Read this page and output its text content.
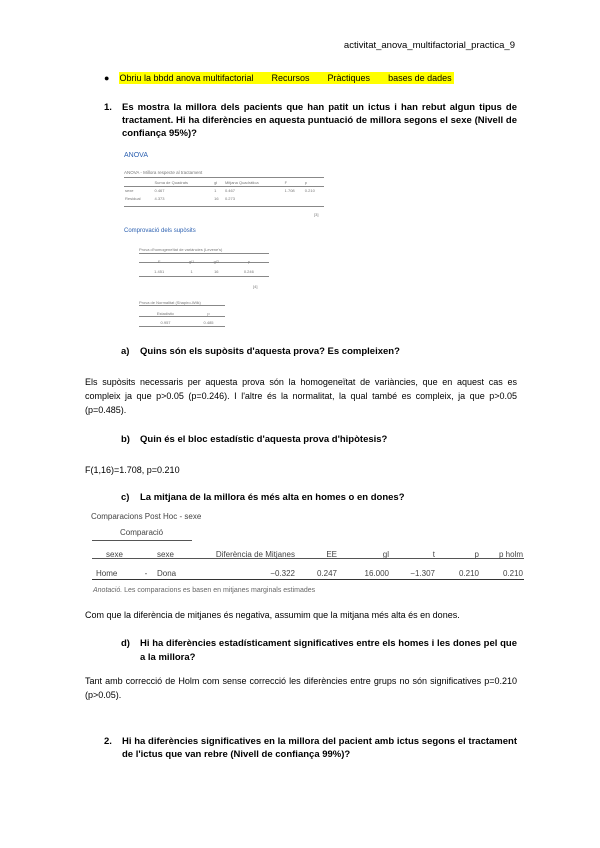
activitat_anova_multifactorial_practica_9
● Obriu la bbdd anova multifactorial Recursos Pràctiques bases de dades
1. Es mostra la millora dels pacients que han patit un ictus i han rebut algun tipus de tractament. Hi ha diferències en aquesta puntuació de millora segons el sexe (Nivell de confiança 95%)?
ANOVA
ANOVA - Millora respecte al tractament
	Suma de Quadrats	gl	Mitjana Quadràtica	F	p
sexe	0.467	1	0.467	1.708	0.210
Residual	4.373	16	0.273		
[3]
Comprovació dels supòsits
Prova d'homogeneïtat de variàncies (Levene's)
F	gl1	gl2	p
1.451	1	16	0.246
[4]
Prova de Normalitat (Shapiro-Wilk)
Estadístic	p
0.957	0.485
a) Quins són els supòsits d'aquesta prova? Es compleixen?
Els supòsits necessaris per aquesta prova són la homogeneïtat de variàncies, que en aquest cas es compleix ja que p>0.05 (p=0.246). I l'altre és la normalitat, la qual també es compleix, ja que p>0.05 (p=0.485).
b) Quin és el bloc estadístic d'aquesta prova d'hipòtesis?
F(1,16)=1.708, p=0.210
c) La mitjana de la millora és més alta en homes o en dones?
Comparacions Post Hoc - sexe
Comparació
sexe		sexe	Diferència de Mitjanes	EE	gl	t	p	p holm
Home	-	Dona	−0.322	0.247	16.000	−1.307	0.210	0.210
Anotació. Les comparacions es basen en mitjanes marginals estimades
Com que la diferència de mitjanes és negativa, assumim que la mitjana més alta és en dones.
d) Hi ha diferències estadísticament significatives entre els homes i les dones pel que a la millora?
Tant amb correcció de Holm com sense correcció les diferències entre grups no són significatives p=0.210 (p>0.05).
2. Hi ha diferències significatives en la millora del pacient amb ictus segons el tractament de l'ictus que van rebre (Nivell de confiança 99%)?
